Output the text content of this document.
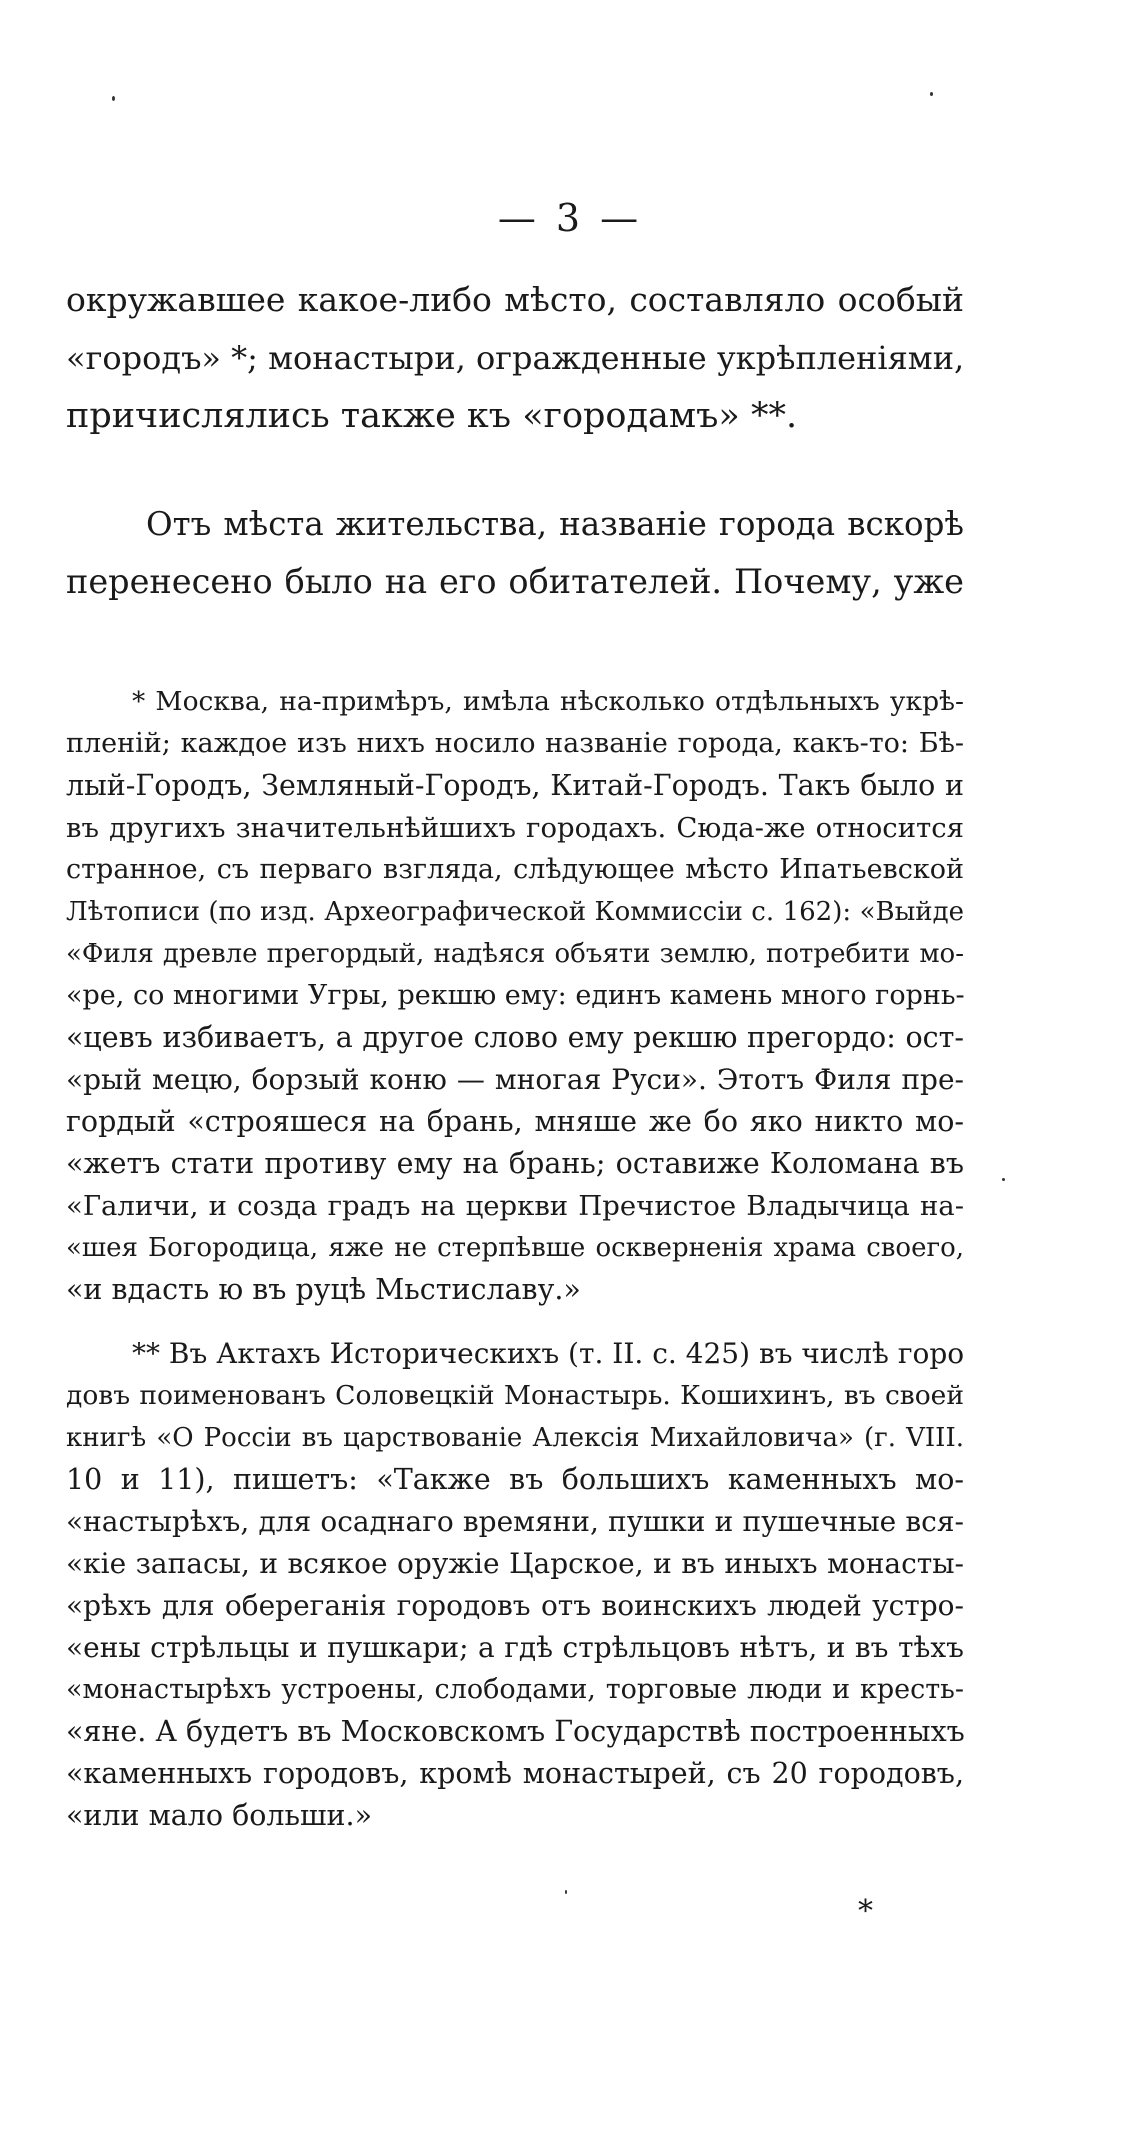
— 3 —
окружавшее какое-либо мѣсто, составляло особый
«городъ» *; монастыри, огражденные укрѣпленiями,
причислялись также къ «городамъ» **.
Отъ мѣста жительства, названiе города вскорѣ
перенесено было на его обитателей. Почему, уже
* Москва, на-примѣръ, имѣла нѣсколько отдѣльныхъ укрѣ-
пленiй; каждое изъ нихъ носило названiе города, какъ-то: Бѣ-
лый-Городъ, Земляный-Городъ, Китай-Городъ. Такъ было и
въ другихъ значительнѣйшихъ городахъ. Сюда-же относится
странное, съ перваго взгляда, слѣдующее мѣсто Ипатьевской
Лѣтописи (по изд. Археографической Коммиссiи с. 162): «Выйде
«Филя древле прегордый, надѣяся объяти землю, потребити мо-
«ре, со многими Угры, рекшю ему: единъ камень много горнь-
«цевъ избиваетъ, а другое слово ему рекшю прегордо: ост-
«рый мецю, борзый коню — многая Руси». Этотъ Филя пре-
гордый «строяшеся на брань, мняше же бо яко никто мо-
«жетъ стати противу ему на брань; оставиже Коломана въ
«Галичи, и созда градъ на церкви Пречистое Владычица на-
«шея Богородица, яже не стерпѣвше оскверненiя храма своего,
«и вдасть ю въ руцѣ Мьстиславу.»
** Въ Актахъ Историческихъ (т. II. с. 425) въ числѣ горо
довъ поименованъ Соловецкiй Монастырь. Кошихинъ, въ своей
книгѣ «О Россiи въ царствованiе Алексiя Михайловича» (г. VIII.
10 и 11), пишетъ: «Также въ большихъ каменныхъ мо-
«настырѣхъ, для осаднаго времяни, пушки и пушечные вся-
«кiе запасы, и всякое оружiе Царское, и въ иныхъ монасты-
«рѣхъ для обереганiя городовъ отъ воинскихъ людей устро-
«ены стрѣльцы и пушкари; а гдѣ стрѣльцовъ нѣтъ, и въ тѣхъ
«монастырѣхъ устроены, слободами, торговые люди и кресть-
«яне. А будетъ въ Московскомъ Государствѣ построенныхъ
«каменныхъ городовъ, кромѣ монастырей, съ 20 городовъ,
«или мало больши.»
*
